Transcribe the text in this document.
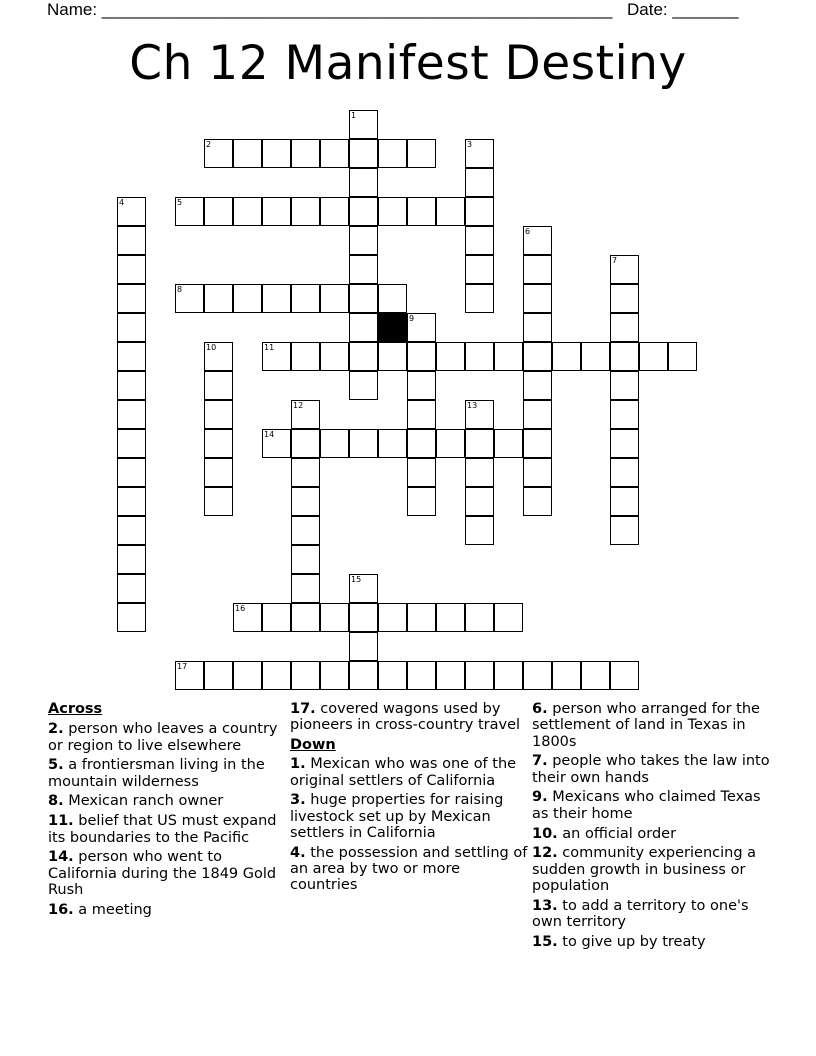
Name: ______________________________________________________ Date: _______
Ch 12 Manifest Destiny
1
2	3
4	5
6
7
8
9
10	11
12	13
14
15
16
17
Across
2. person who leaves a country or region to live elsewhere
5. a frontiersman living in the mountain wilderness
8. Mexican ranch owner
11. belief that US must expand its boundaries to the Pacific
14. person who went to California during the 1849 Gold Rush
16. a meeting
17. covered wagons used by pioneers in cross-country travel
Down
1. Mexican who was one of the original settlers of California
3. huge properties for raising livestock set up by Mexican settlers in California
4. the possession and settling of an area by two or more countries
6. person who arranged for the settlement of land in Texas in 1800s
7. people who takes the law into their own hands
9. Mexicans who claimed Texas as their home
10. an official order
12. community experiencing a sudden growth in business or population
13. to add a territory to one's own territory
15. to give up by treaty
